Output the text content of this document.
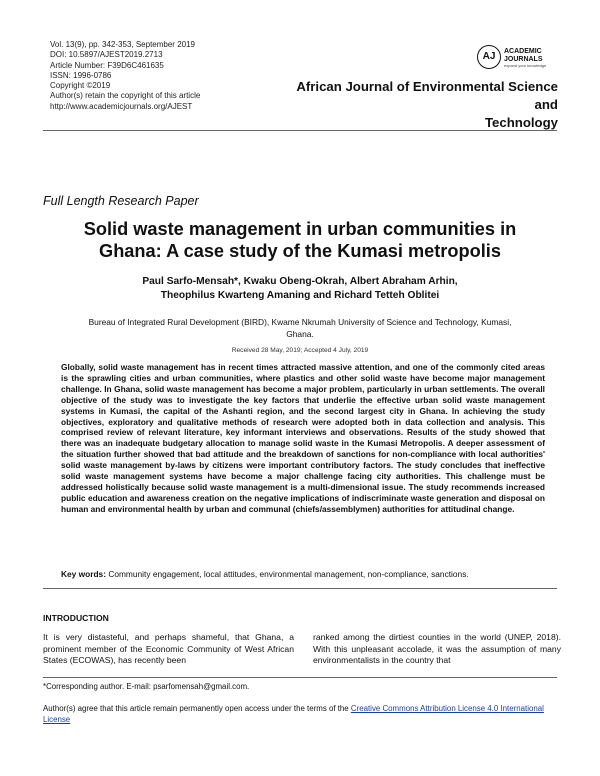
Vol. 13(9), pp. 342-353, September 2019
DOI: 10.5897/AJEST2019.2713
Article Number: F39D6C461635
ISSN: 1996-0786
Copyright ©2019
Author(s) retain the copyright of this article
http://www.academicjournals.org/AJEST
AJ	ACADEMIC
JOURNALS
expand your knowledge
African Journal of Environmental Science and
Technology
Full Length Research Paper
Solid waste management in urban communities in
Ghana: A case study of the Kumasi metropolis
Paul Sarfo-Mensah*, Kwaku Obeng-Okrah, Albert Abraham Arhin,
Theophilus Kwarteng Amaning and Richard Tetteh Oblitei
Bureau of Integrated Rural Development (BIRD), Kwame Nkrumah University of Science and Technology, Kumasi,
Ghana.
Received 28 May, 2019; Accepted 4 July, 2019
Globally, solid waste management has in recent times attracted massive attention, and one of the commonly cited areas is the sprawling cities and urban communities, where plastics and other solid waste have become major management challenge. In Ghana, solid waste management has become a major problem, particularly in urban settlements. The overall objective of the study was to investigate the key factors that underlie the effective urban solid waste management systems in Kumasi, the capital of the Ashanti region, and the second largest city in Ghana. In achieving the study objectives, exploratory and qualitative methods of research were adopted both in data collection and analysis. This comprised review of relevant literature, key informant interviews and observations. Results of the study showed that there was an inadequate budgetary allocation to manage solid waste in the Kumasi Metropolis. A deeper assessment of the situation further showed that bad attitude and the breakdown of sanctions for non-compliance with local authorities' solid waste management by-laws by citizens were important contributory factors. The study concludes that ineffective solid waste management systems have become a major challenge facing city authorities. This challenge must be addressed holistically because solid waste management is a multi-dimensional issue. The study recommends increased public education and awareness creation on the negative implications of indiscriminate waste generation and disposal on human and environmental health by urban and communal (chiefs/assemblymen) authorities for attitudinal change.
Key words: Community engagement, local attitudes, environmental management, non-compliance, sanctions.
INTRODUCTION
It is very distasteful, and perhaps shameful, that Ghana, a prominent member of the Economic Community of West African States (ECOWAS), has recently been
ranked among the dirtiest counties in the world (UNEP, 2018). With this unpleasant accolade, it was the assumption of many environmentalists in the country that
*Corresponding author. E-mail: psarfomensah@gmail.com.
Author(s) agree that this article remain permanently open access under the terms of the Creative Commons Attribution License 4.0 International License
